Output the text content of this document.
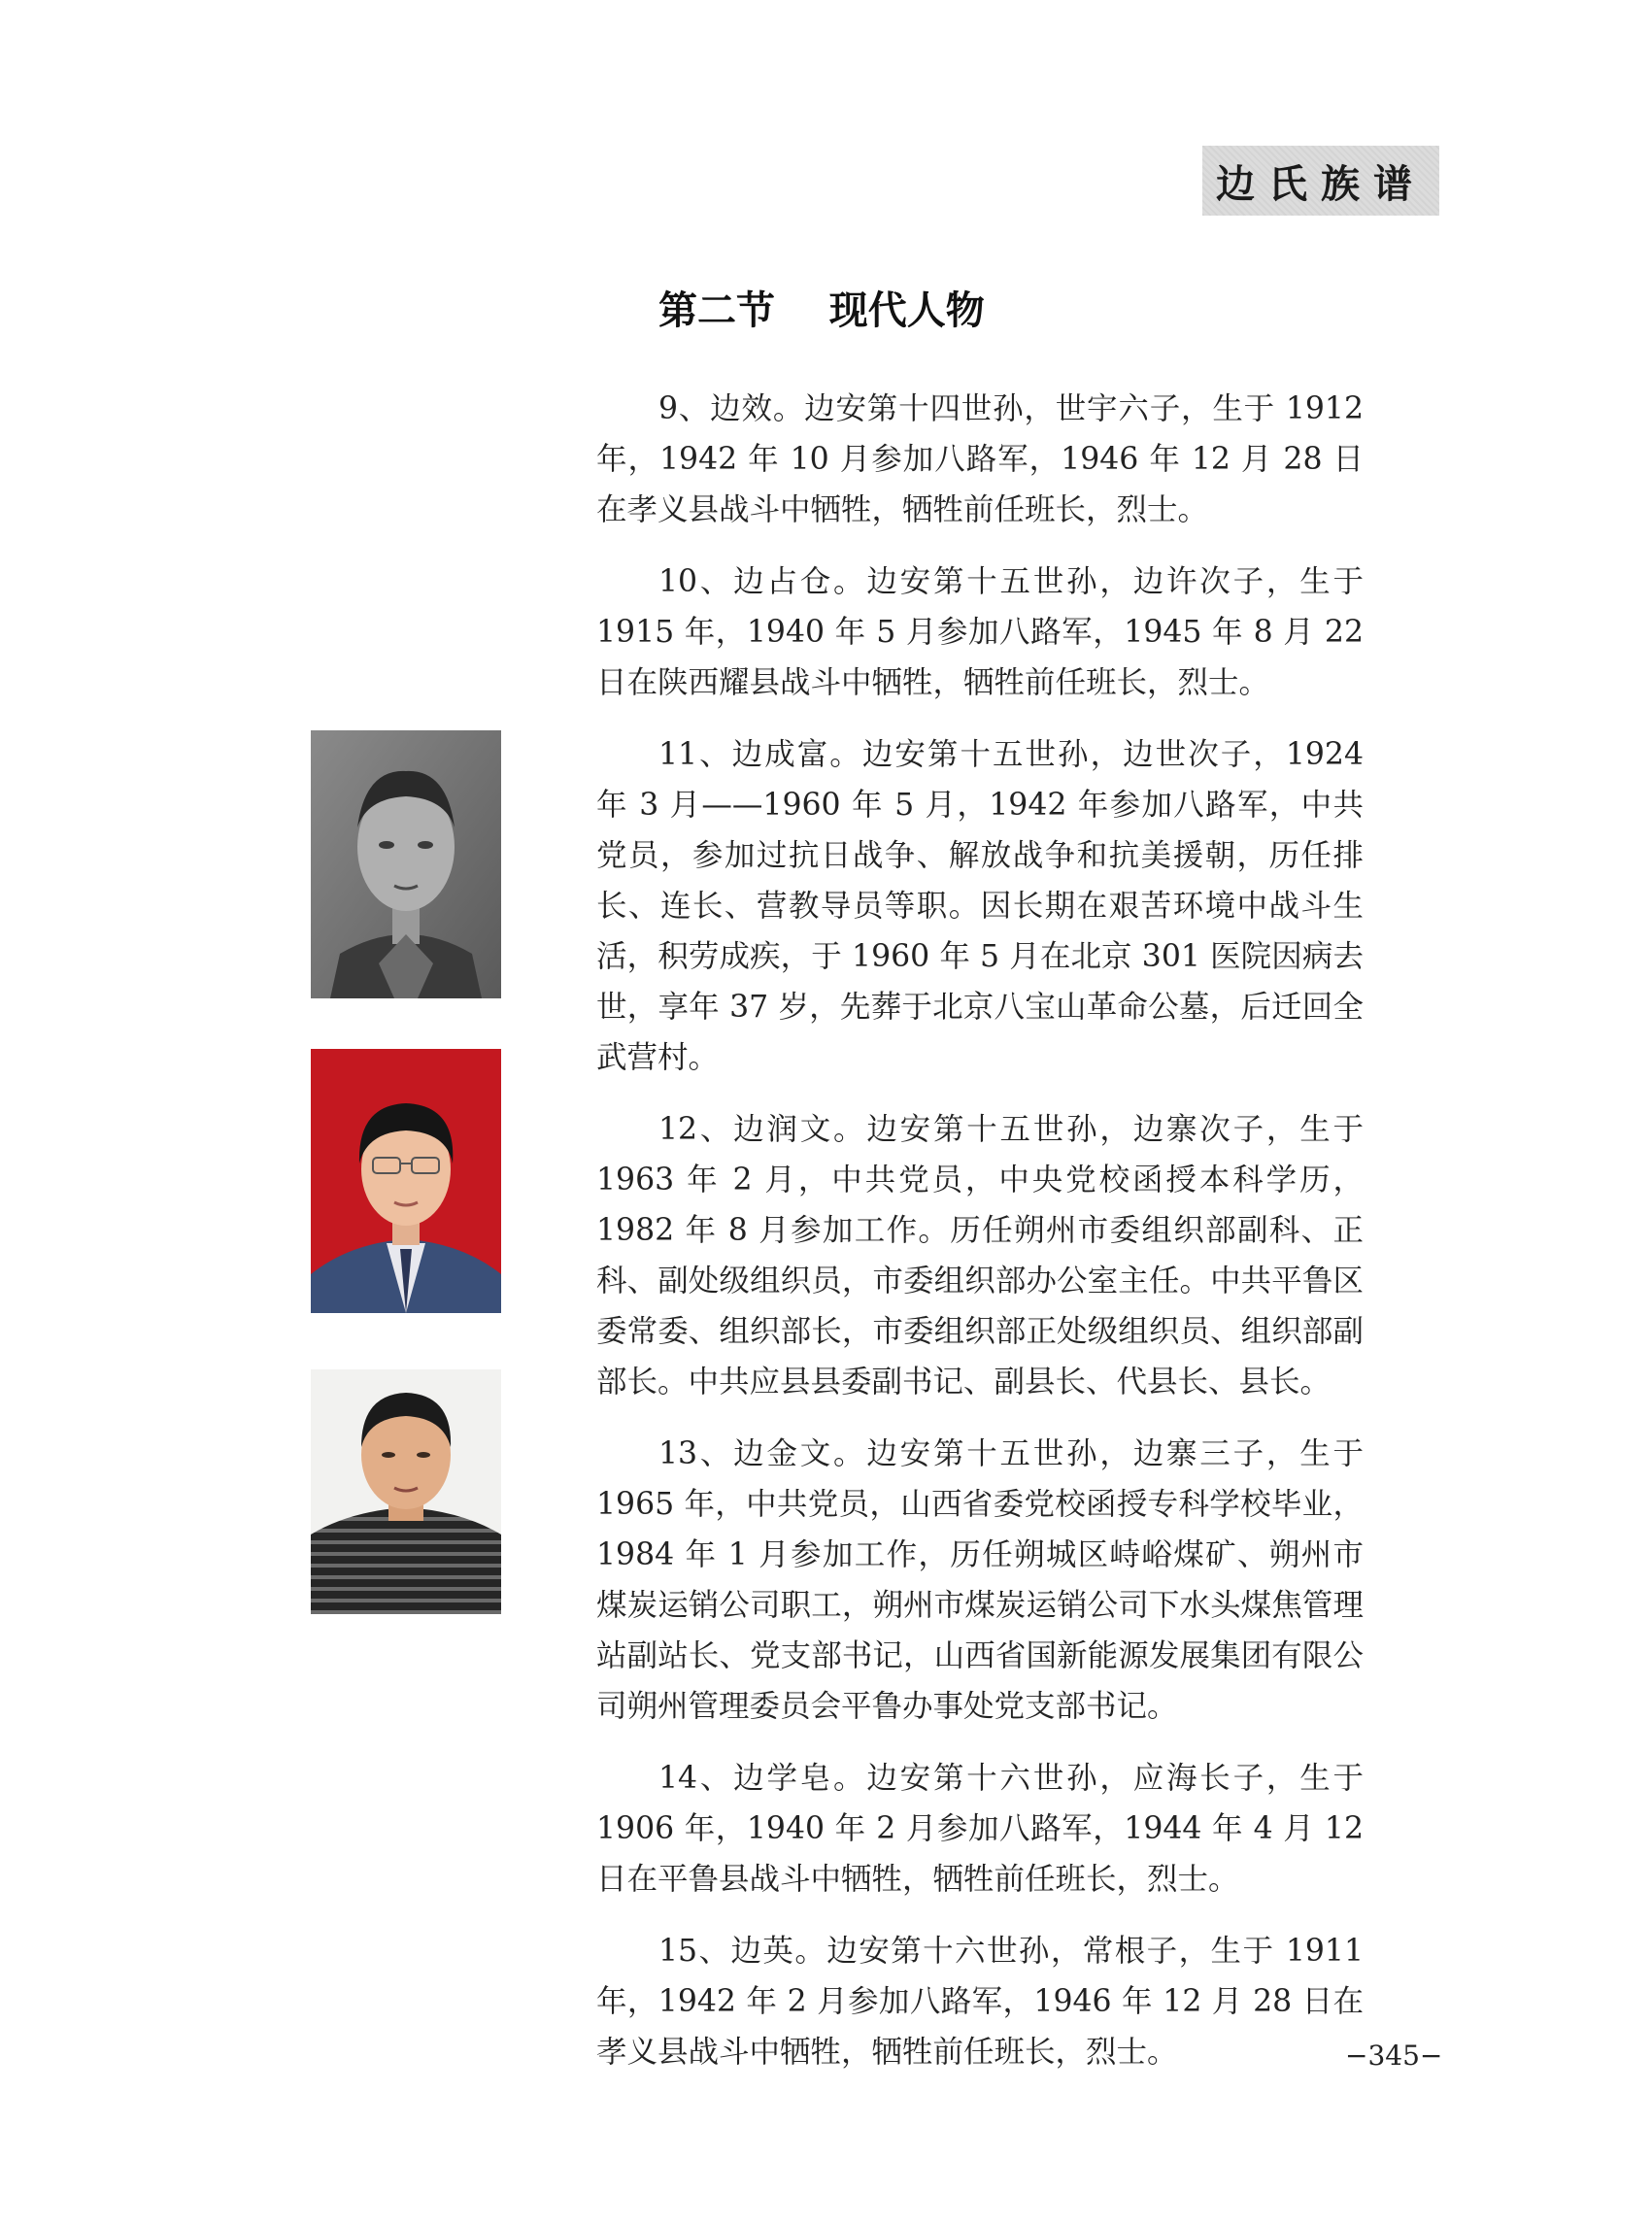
边氏族谱
第二节    现代人物

9、边效。边安第十四世孙，世宇六子，生于 1912 年，1942 年 10 月参加八路军，1946 年 12 月 28 日在孝义县战斗中牺牲，牺牲前任班长，烈士。

10、边占仓。边安第十五世孙，边许次子，生于 1915 年，1940 年 5 月参加八路军，1945 年 8 月 22 日在陕西耀县战斗中牺牲，牺牲前任班长，烈士。

11、边成富。边安第十五世孙，边世次子，1924 年 3 月——1960 年 5 月，1942 年参加八路军，中共党员，参加过抗日战争、解放战争和抗美援朝，历任排长、连长、营教导员等职。因长期在艰苦环境中战斗生活，积劳成疾，于 1960 年 5 月在北京 301 医院因病去世，享年 37 岁，先葬于北京八宝山革命公墓，后迁回全武营村。

12、边润文。边安第十五世孙，边寨次子，生于 1963 年 2 月，中共党员，中央党校函授本科学历，1982 年 8 月参加工作。历任朔州市委组织部副科、正科、副处级组织员，市委组织部办公室主任。中共平鲁区委常委、组织部长，市委组织部正处级组织员、组织部副部长。中共应县县委副书记、副县长、代县长、县长。

13、边金文。边安第十五世孙，边寨三子，生于 1965 年，中共党员，山西省委党校函授专科学校毕业，1984 年 1 月参加工作，历任朔城区峙峪煤矿、朔州市煤炭运销公司职工，朔州市煤炭运销公司下水头煤焦管理站副站长、党支部书记，山西省国新能源发展集团有限公司朔州管理委员会平鲁办事处党支部书记。

14、边学皂。边安第十六世孙，应海长子，生于 1906 年，1940 年 2 月参加八路军，1944 年 4 月 12 日在平鲁县战斗中牺牲，牺牲前任班长，烈士。

15、边英。边安第十六世孙，常根子，生于 1911 年，1942 年 2 月参加八路军，1946 年 12 月 28 日在孝义县战斗中牺牲，牺牲前任班长，烈士。	−345−
